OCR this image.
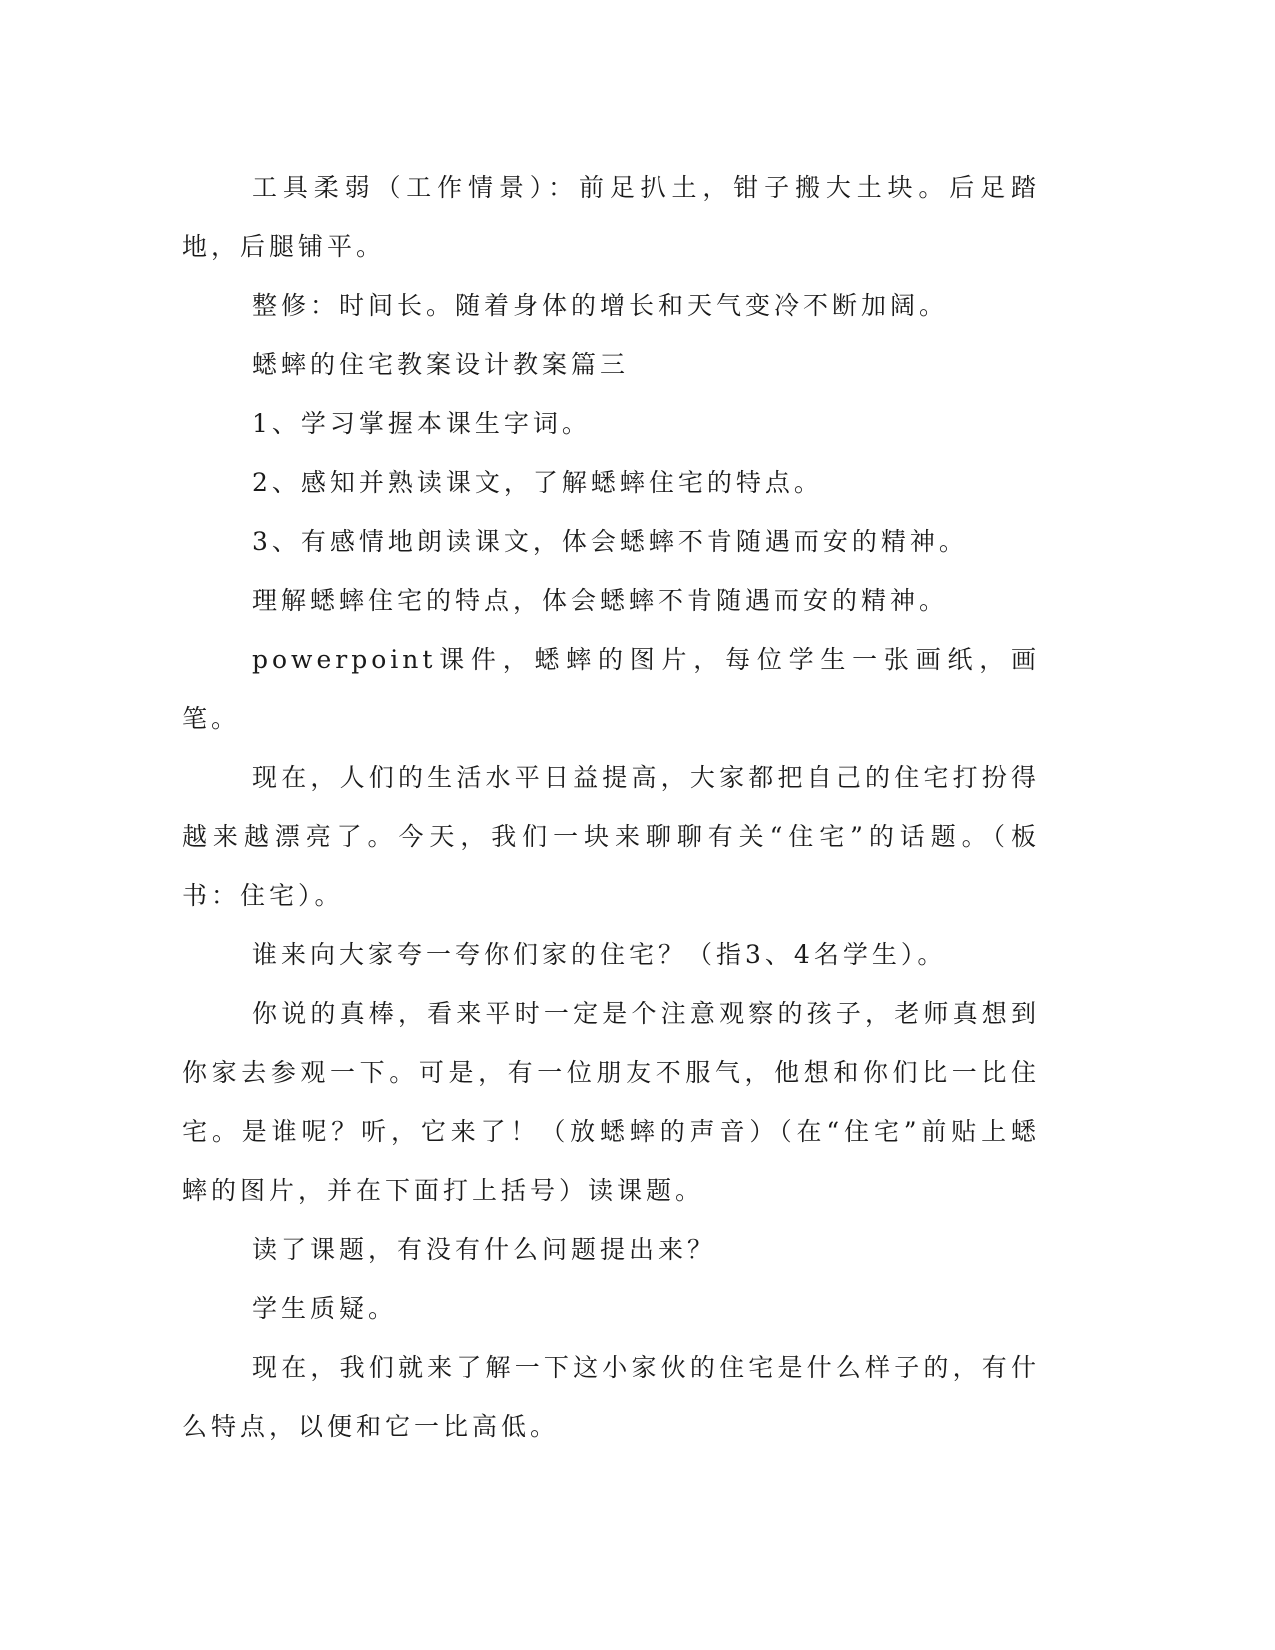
工具柔弱（工作情景）：前足扒土，钳子搬大土块。后足踏地，后腿铺平。

整修：时间长。随着身体的增长和天气变冷不断加阔。

蟋蟀的住宅教案设计教案篇三

1、学习掌握本课生字词。

2、感知并熟读课文，了解蟋蟀住宅的特点。

3、有感情地朗读课文，体会蟋蟀不肯随遇而安的精神。

理解蟋蟀住宅的特点，体会蟋蟀不肯随遇而安的精神。

powerpoint课件，蟋蟀的图片，每位学生一张画纸，画笔。

现在，人们的生活水平日益提高，大家都把自己的住宅打扮得越来越漂亮了。今天，我们一块来聊聊有关“住宅”的话题。（板书：住宅）。

谁来向大家夸一夸你们家的住宅？（指3、4名学生）。

你说的真棒，看来平时一定是个注意观察的孩子，老师真想到你家去参观一下。可是，有一位朋友不服气，他想和你们比一比住宅。是谁呢？听，它来了！（放蟋蟀的声音）（在“住宅”前贴上蟋蟀的图片，并在下面打上括号）读课题。

读了课题，有没有什么问题提出来？

学生质疑。

现在，我们就来了解一下这小家伙的住宅是什么样子的，有什么特点，以便和它一比高低。
